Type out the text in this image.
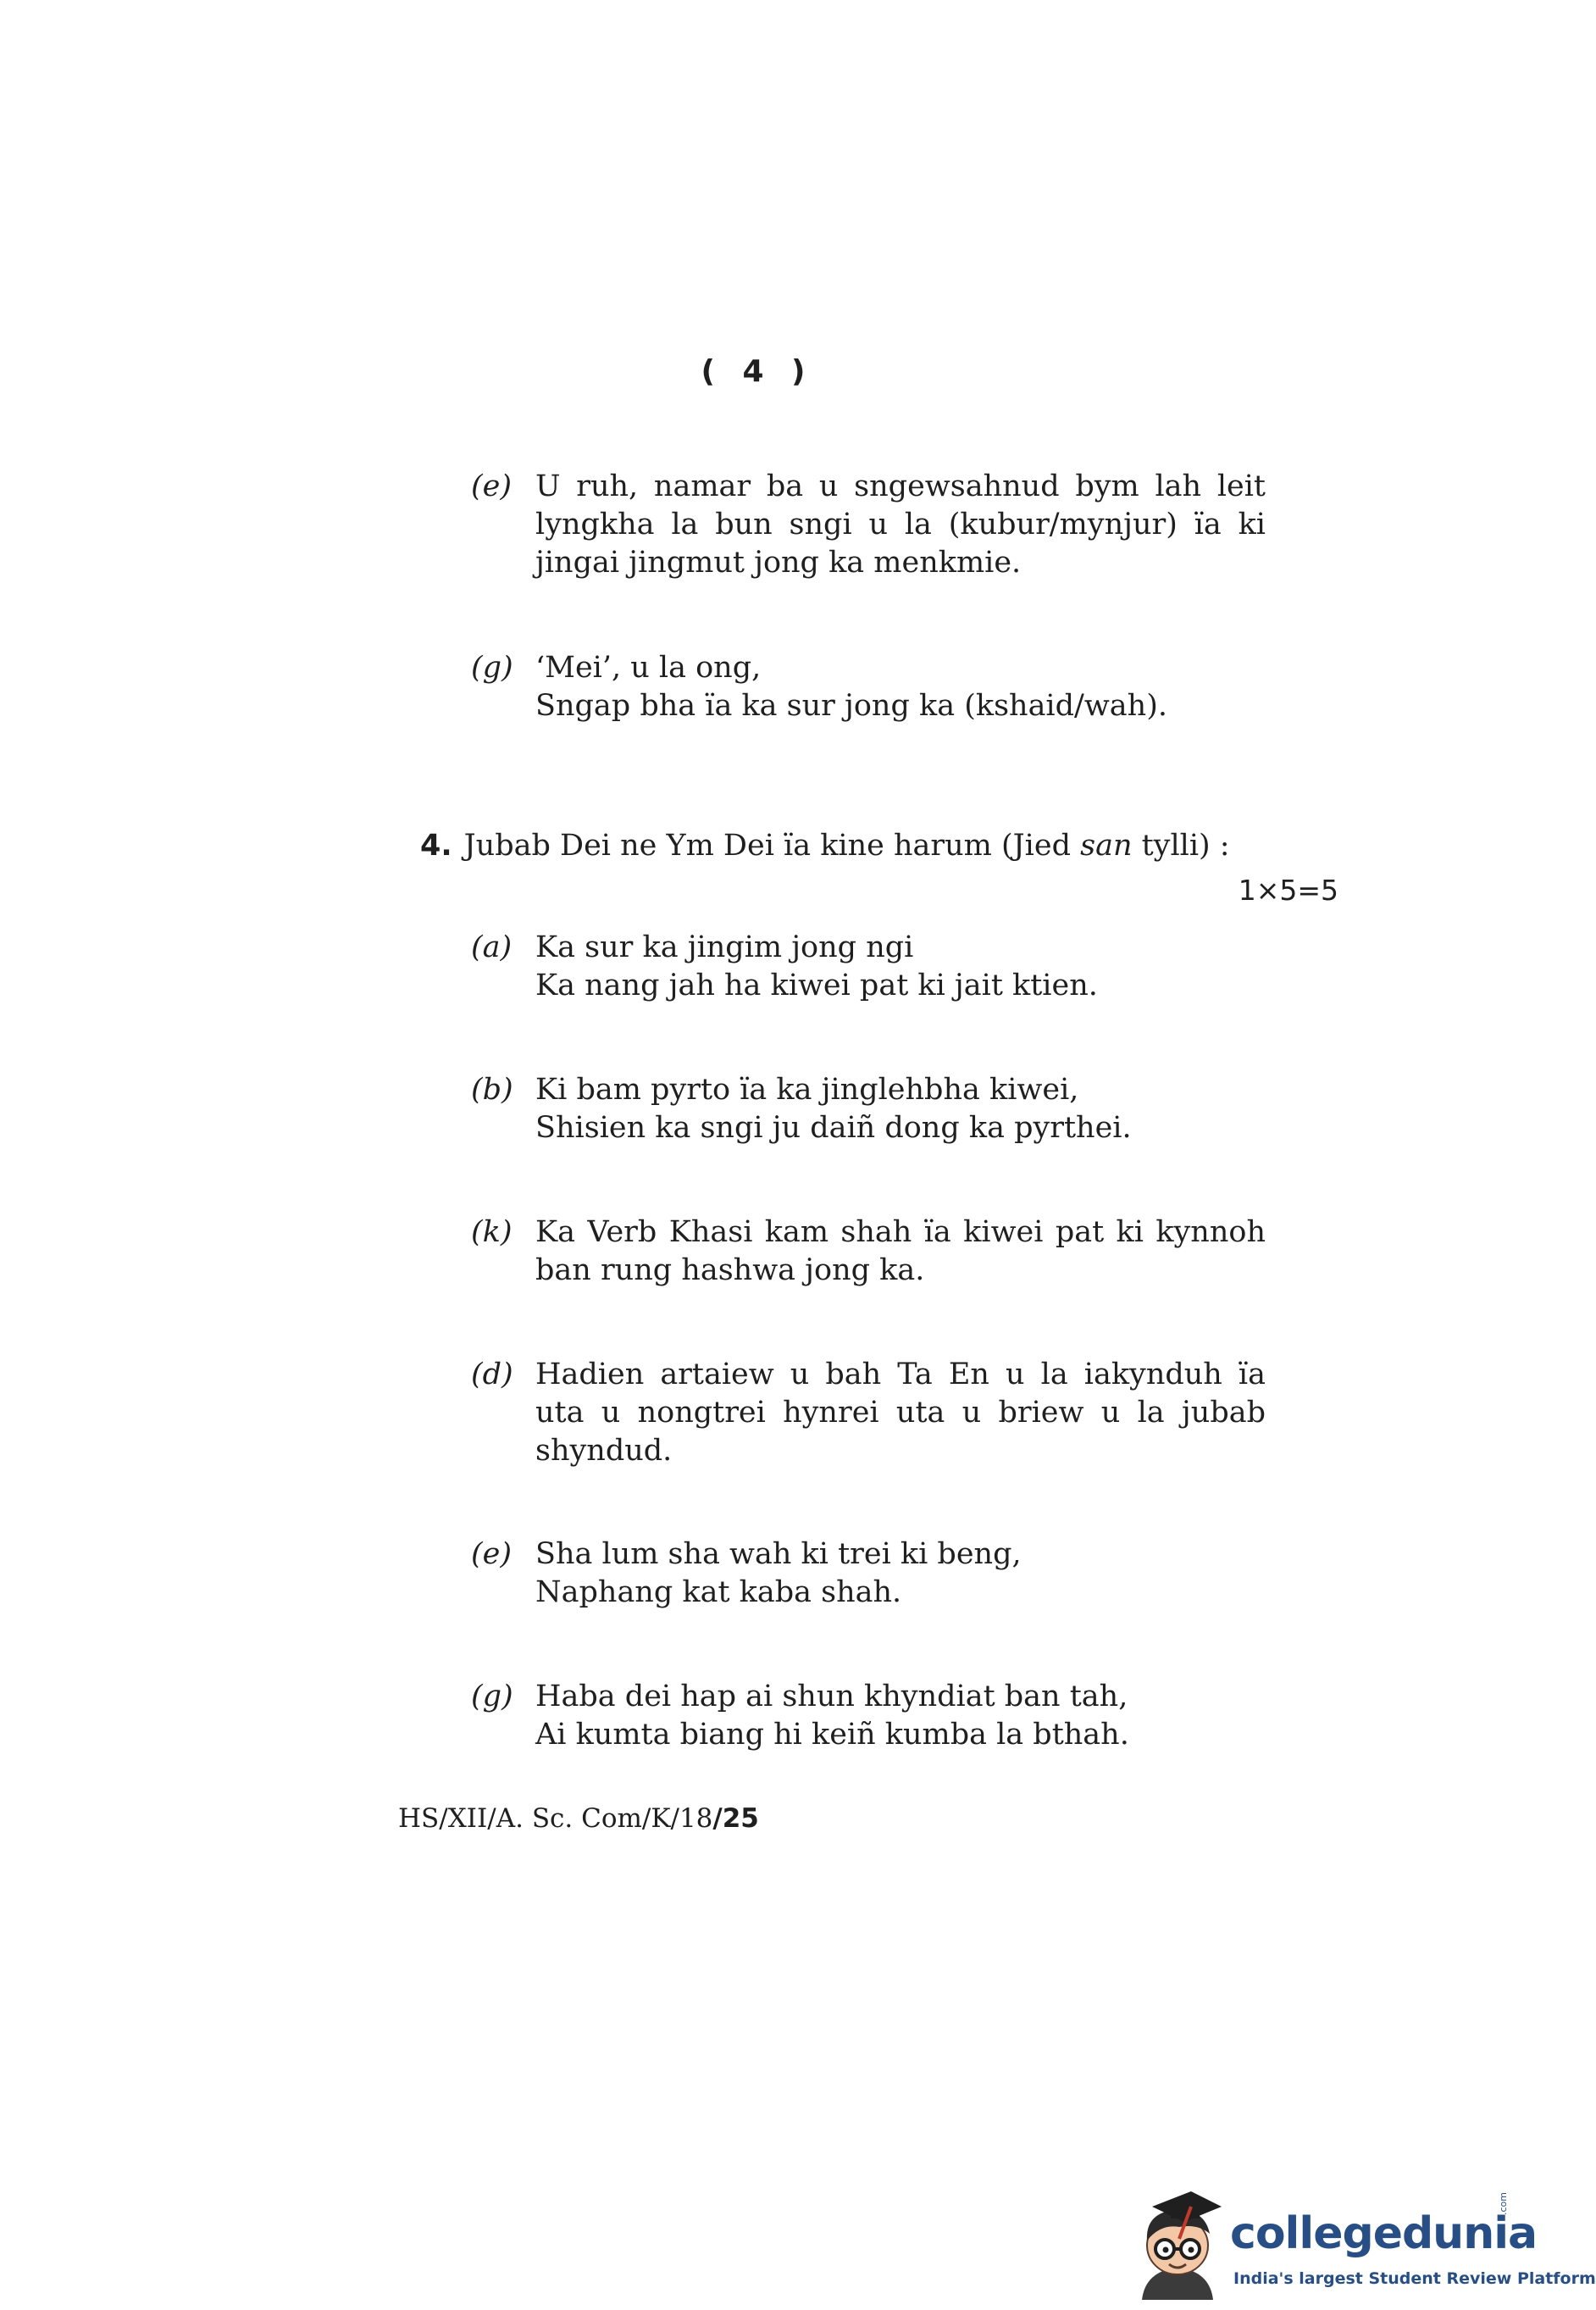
( 4 )
(e) U ruh, namar ba u sngewsahnud bym lah leit
lyngkha la bun sngi u la (kubur/mynjur) ïa ki
jingai jingmut jong ka menkmie.
(g) ‘Mei’, u la ong,
Sngap bha ïa ka sur jong ka (kshaid/wah).
4. Jubab Dei ne Ym Dei ïa kine harum (Jied san tylli) :
1×5=5
(a) Ka sur ka jingim jong ngi
Ka nang jah ha kiwei pat ki jait ktien.
(b) Ki bam pyrto ïa ka jinglehbha kiwei,
Shisien ka sngi ju daiñ dong ka pyrthei.
(k) Ka Verb Khasi kam shah ïa kiwei pat ki kynnoh
ban rung hashwa jong ka.
(d) Hadien artaiew u bah Ta En u la iakynduh ïa
uta u nongtrei hynrei uta u briew u la jubab
shyndud.
(e) Sha lum sha wah ki trei ki beng,
Naphang kat kaba shah.
(g) Haba dei hap ai shun khyndiat ban tah,
Ai kumta biang hi keiñ kumba la bthah.
HS/XII/A. Sc. Com/K/18/25
collegedunia
.com
India's largest Student Review Platform
